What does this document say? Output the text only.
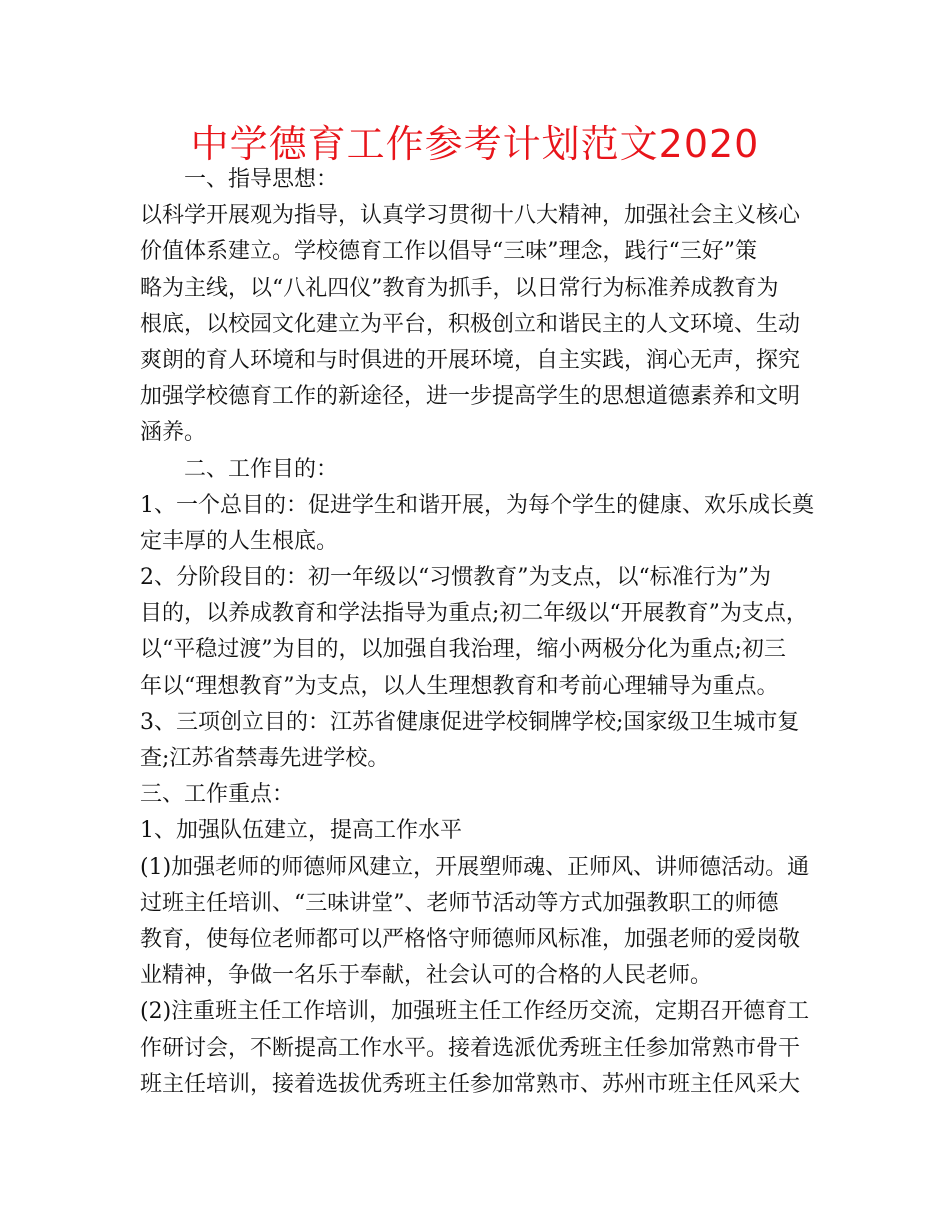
中学德育工作参考计划范文2020
一、指导思想：
以科学开展观为指导，认真学习贯彻十八大精神，加强社会主义核心
价值体系建立。学校德育工作以倡导“三味”理念，践行“三好”策
略为主线，以“八礼四仪”教育为抓手，以日常行为标准养成教育为
根底，以校园文化建立为平台，积极创立和谐民主的人文环境、生动
爽朗的育人环境和与时俱进的开展环境，自主实践，润心无声，探究
加强学校德育工作的新途径，进一步提高学生的思想道德素养和文明
涵养。
二、工作目的：
1、一个总目的：促进学生和谐开展，为每个学生的健康、欢乐成长奠
定丰厚的人生根底。
2、分阶段目的：初一年级以“习惯教育”为支点，以“标准行为”为
目的，以养成教育和学法指导为重点;初二年级以“开展教育”为支点，
以“平稳过渡”为目的，以加强自我治理，缩小两极分化为重点;初三
年以“理想教育”为支点，以人生理想教育和考前心理辅导为重点。
3、三项创立目的：江苏省健康促进学校铜牌学校;国家级卫生城市复
查;江苏省禁毒先进学校。
三、工作重点：
1、加强队伍建立，提高工作水平
(1)加强老师的师德师风建立，开展塑师魂、正师风、讲师德活动。通
过班主任培训、“三味讲堂”、老师节活动等方式加强教职工的师德
教育，使每位老师都可以严格恪守师德师风标准，加强老师的爱岗敬
业精神，争做一名乐于奉献，社会认可的合格的人民老师。
(2)注重班主任工作培训，加强班主任工作经历交流，定期召开德育工
作研讨会，不断提高工作水平。接着选派优秀班主任参加常熟市骨干
班主任培训，接着选拔优秀班主任参加常熟市、苏州市班主任风采大
